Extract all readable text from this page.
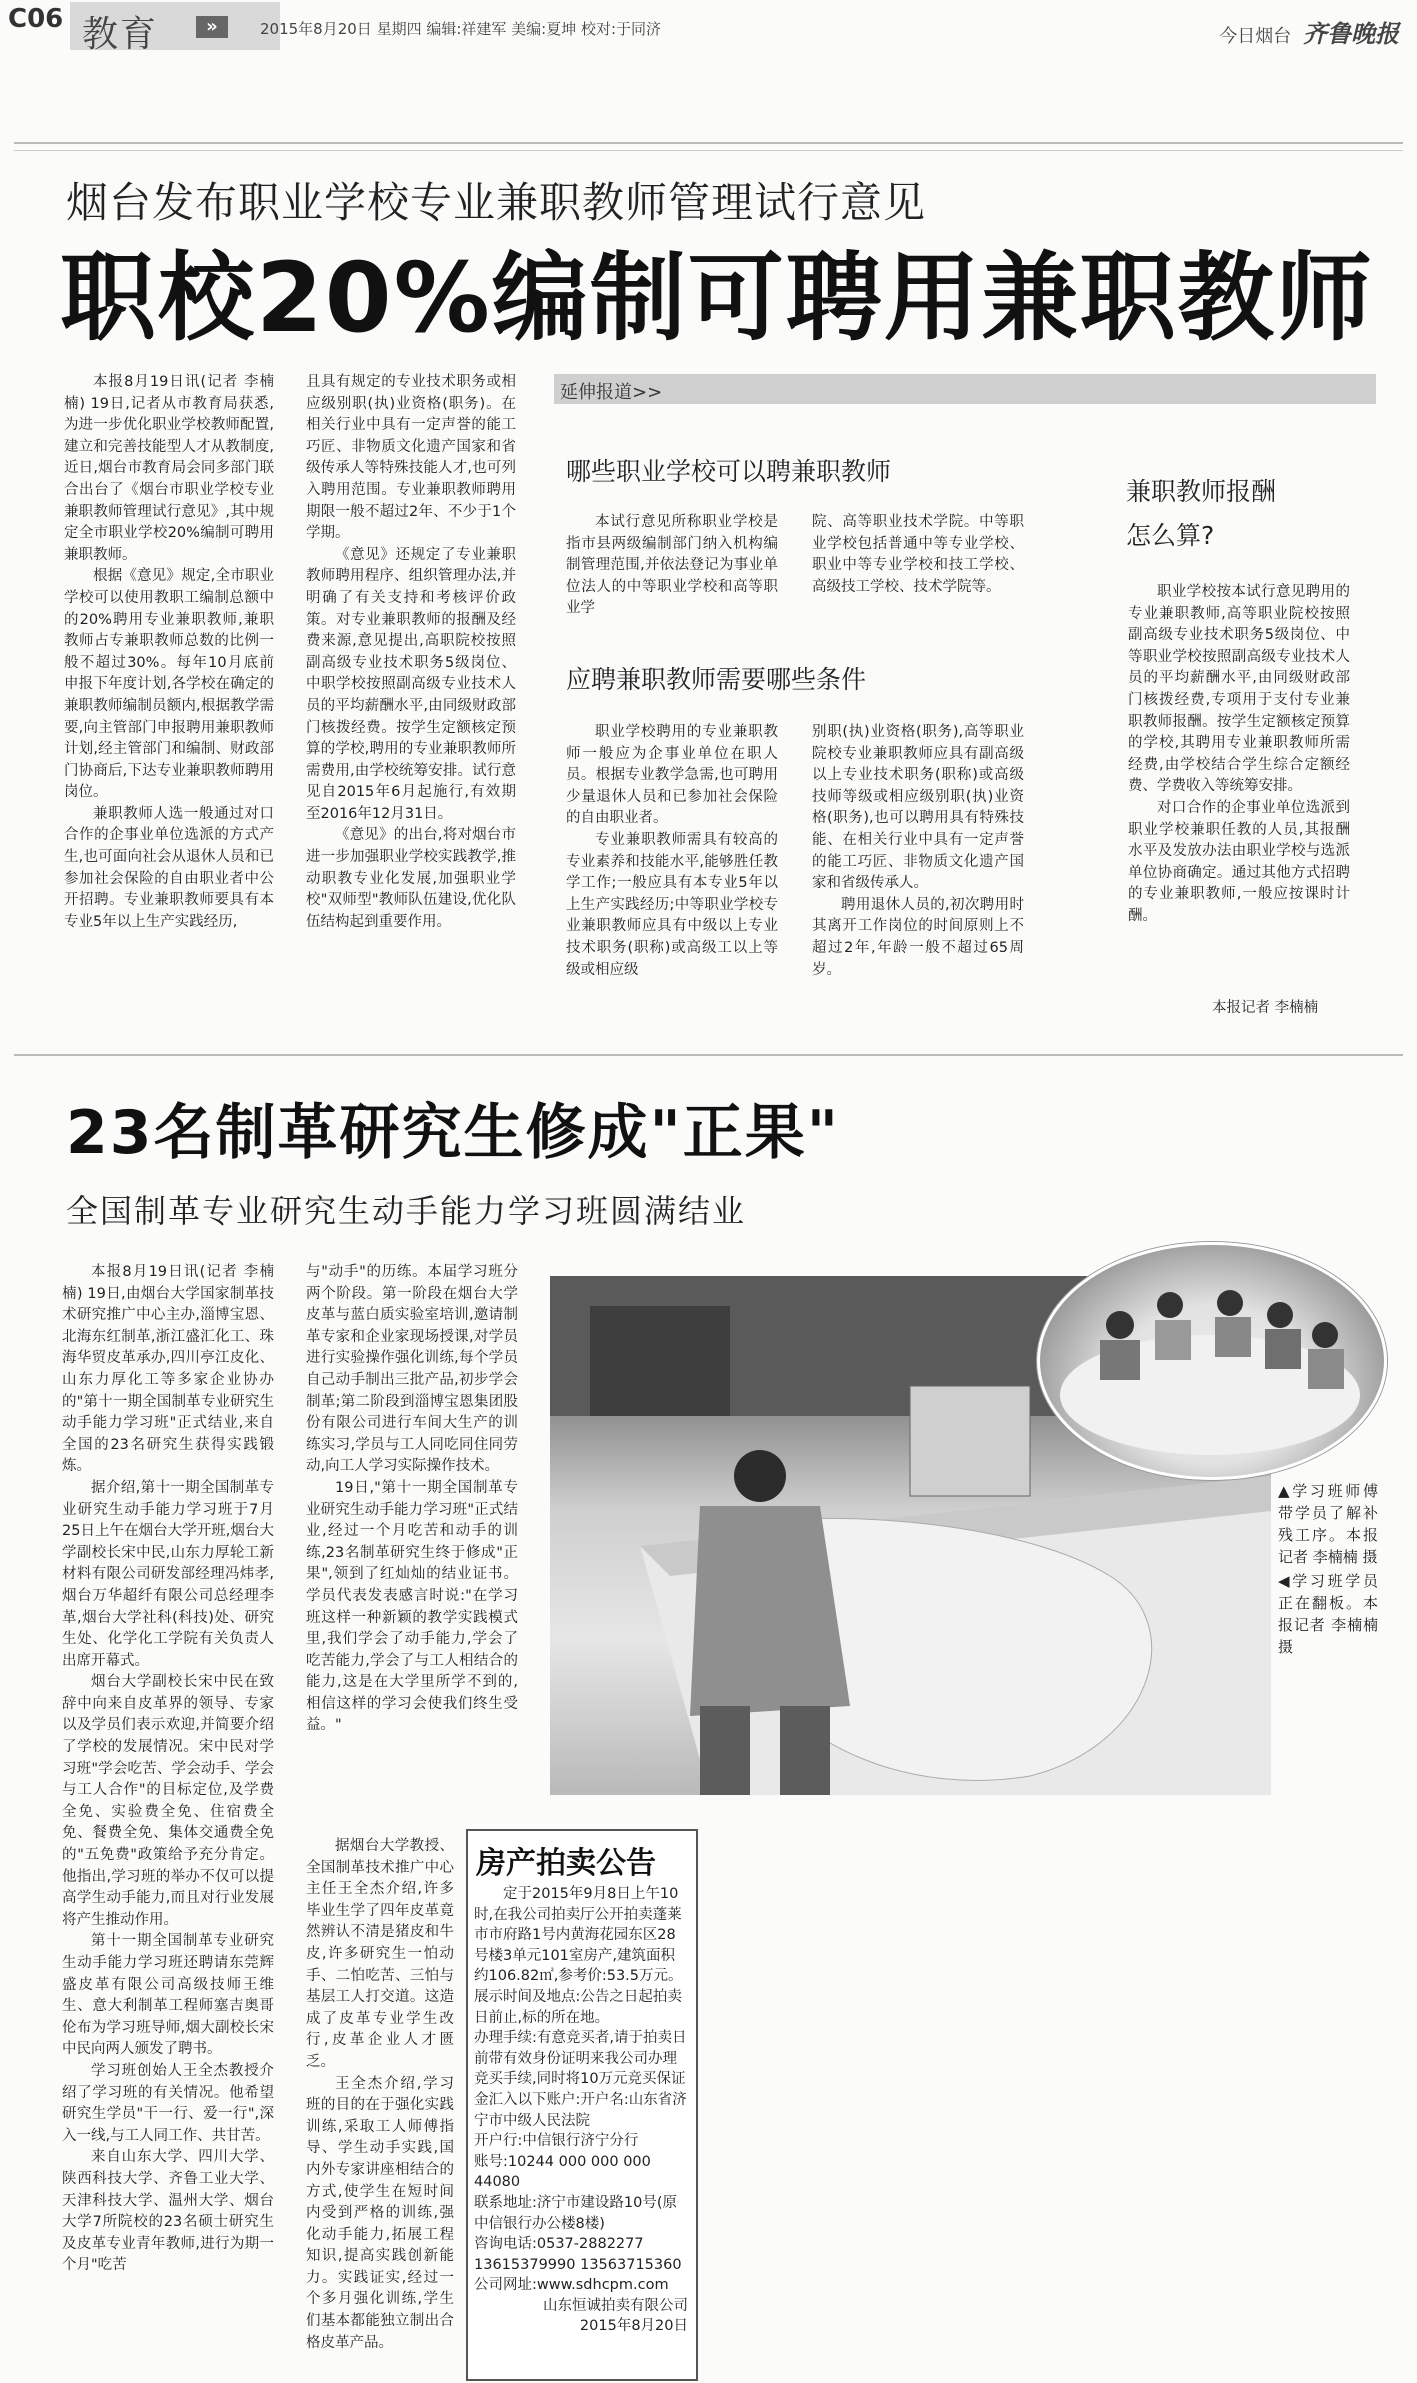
C06 教育	»	2015年8月20日 星期四 编辑:祥建军 美编:夏坤 校对:于同济	今日烟台 齐鲁晚报
烟台发布职业学校专业兼职教师管理试行意见
职校20%编制可聘用兼职教师

本报8月19日讯(记者 李楠楠) 19日,记者从市教育局获悉,为进一步优化职业学校教师配置,建立和完善技能型人才从教制度,近日,烟台市教育局会同多部门联合出台了《烟台市职业学校专业兼职教师管理试行意见》,其中规定全市职业学校20%编制可聘用兼职教师。

根据《意见》规定,全市职业学校可以使用教职工编制总额中的20%聘用专业兼职教师,兼职教师占专兼职教师总数的比例一般不超过30%。每年10月底前申报下年度计划,各学校在确定的兼职教师编制员额内,根据教学需要,向主管部门申报聘用兼职教师计划,经主管部门和编制、财政部门协商后,下达专业兼职教师聘用岗位。

兼职教师人选一般通过对口合作的企事业单位选派的方式产生,也可面向社会从退休人员和已参加社会保险的自由职业者中公开招聘。专业兼职教师要具有本专业5年以上生产实践经历,

且具有规定的专业技术职务或相应级别职(执)业资格(职务)。在相关行业中具有一定声誉的能工巧匠、非物质文化遗产国家和省级传承人等特殊技能人才,也可列入聘用范围。专业兼职教师聘用期限一般不超过2年、不少于1个学期。

《意见》还规定了专业兼职教师聘用程序、组织管理办法,并明确了有关支持和考核评价政策。对专业兼职教师的报酬及经费来源,意见提出,高职院校按照副高级专业技术职务5级岗位、中职学校按照副高级专业技术人员的平均薪酬水平,由同级财政部门核拨经费。按学生定额核定预算的学校,聘用的专业兼职教师所需费用,由学校统筹安排。试行意见自2015年6月起施行,有效期至2016年12月31日。

《意见》的出台,将对烟台市进一步加强职业学校实践教学,推动职教专业化发展,加强职业学校"双师型"教师队伍建设,优化队伍结构起到重要作用。

延伸报道>>
哪些职业学校可以聘兼职教师

本试行意见所称职业学校是指市县两级编制部门纳入机构编制管理范围,并依法登记为事业单位法人的中等职业学校和高等职业学

院、高等职业技术学院。中等职业学校包括普通中等专业学校、职业中等专业学校和技工学校、高级技工学校、技术学院等。

应聘兼职教师需要哪些条件

职业学校聘用的专业兼职教师一般应为企事业单位在职人员。根据专业教学急需,也可聘用少量退休人员和已参加社会保险的自由职业者。

专业兼职教师需具有较高的专业素养和技能水平,能够胜任教学工作;一般应具有本专业5年以上生产实践经历;中等职业学校专业兼职教师应具有中级以上专业技术职务(职称)或高级工以上等级或相应级

别职(执)业资格(职务),高等职业院校专业兼职教师应具有副高级以上专业技术职务(职称)或高级技师等级或相应级别职(执)业资格(职务),也可以聘用具有特殊技能、在相关行业中具有一定声誉的能工巧匠、非物质文化遗产国家和省级传承人。

聘用退休人员的,初次聘用时其离开工作岗位的时间原则上不超过2年,年龄一般不超过65周岁。

兼职教师报酬
怎么算?

职业学校按本试行意见聘用的专业兼职教师,高等职业院校按照副高级专业技术职务5级岗位、中等职业学校按照副高级专业技术人员的平均薪酬水平,由同级财政部门核拨经费,专项用于支付专业兼职教师报酬。按学生定额核定预算的学校,其聘用专业兼职教师所需经费,由学校结合学生综合定额经费、学费收入等统筹安排。

对口合作的企事业单位选派到职业学校兼职任教的人员,其报酬水平及发放办法由职业学校与选派单位协商确定。通过其他方式招聘的专业兼职教师,一般应按课时计酬。

本报记者 李楠楠
23名制革研究生修成"正果"
全国制革专业研究生动手能力学习班圆满结业

本报8月19日讯(记者 李楠楠) 19日,由烟台大学国家制革技术研究推广中心主办,淄博宝恩、北海东红制革,浙江盛汇化工、珠海华贸皮革承办,四川亭江皮化、山东力厚化工等多家企业协办的"第十一期全国制革专业研究生动手能力学习班"正式结业,来自全国的23名研究生获得实践锻炼。

据介绍,第十一期全国制革专业研究生动手能力学习班于7月25日上午在烟台大学开班,烟台大学副校长宋中民,山东力厚轮工新材料有限公司研发部经理冯炜孝,烟台万华超纤有限公司总经理李革,烟台大学社科(科技)处、研究生处、化学化工学院有关负责人出席开幕式。

烟台大学副校长宋中民在致辞中向来自皮革界的领导、专家以及学员们表示欢迎,并简要介绍了学校的发展情况。宋中民对学习班"学会吃苦、学会动手、学会与工人合作"的目标定位,及学费全免、实验费全免、住宿费全免、餐费全免、集体交通费全免的"五免费"政策给予充分肯定。他指出,学习班的举办不仅可以提高学生动手能力,而且对行业发展将产生推动作用。

第十一期全国制革专业研究生动手能力学习班还聘请东莞辉盛皮革有限公司高级技师王维生、意大利制革工程师塞吉奥哥伦布为学习班导师,烟大副校长宋中民向两人颁发了聘书。

学习班创始人王全杰教授介绍了学习班的有关情况。他希望研究生学员"干一行、爱一行",深入一线,与工人同工作、共甘苦。

来自山东大学、四川大学、陕西科技大学、齐鲁工业大学、天津科技大学、温州大学、烟台大学7所院校的23名硕士研究生及皮革专业青年教师,进行为期一个月"吃苦

与"动手"的历练。本届学习班分两个阶段。第一阶段在烟台大学皮革与蓝白质实验室培训,邀请制革专家和企业家现场授课,对学员进行实验操作强化训练,每个学员自己动手制出三批产品,初步学会制革;第二阶段到淄博宝恩集团股份有限公司进行车间大生产的训练实习,学员与工人同吃同住同劳动,向工人学习实际操作技术。

19日,"第十一期全国制革专业研究生动手能力学习班"正式结业,经过一个月吃苦和动手的训练,23名制革研究生终于修成"正果",领到了红灿灿的结业证书。学员代表发表感言时说:"在学习班这样一种新颖的教学实践模式里,我们学会了动手能力,学会了吃苦能力,学会了与工人相结合的能力,这是在大学里所学不到的,相信这样的学习会使我们终生受益。"

据烟台大学教授、全国制革技术推广中心主任王全杰介绍,许多毕业生学了四年皮革竟然辨认不清是猪皮和牛皮,许多研究生一怕动手、二怕吃苦、三怕与基层工人打交道。这造成了皮革专业学生改行,皮革企业人才匮乏。

王全杰介绍,学习班的目的在于强化实践训练,采取工人师傅指导、学生动手实践,国内外专家讲座相结合的方式,使学生在短时间内受到严格的训练,强化动手能力,拓展工程知识,提高实践创新能力。实践证实,经过一个多月强化训练,学生们基本都能独立制出合格皮革产品。

▲学习班师傅带学员了解补残工序。本报记者 李楠楠 摄
◀学习班学员正在翻板。本报记者 李楠楠 摄
房产拍卖公告

定于2015年9月8日上午10时,在我公司拍卖厅公开拍卖蓬莱市市府路1号内黄海花园东区28号楼3单元101室房产,建筑面积约106.82㎡,参考价:53.5万元。

展示时间及地点:公告之日起拍卖日前止,标的所在地。

办理手续:有意竞买者,请于拍卖日前带有效身份证明来我公司办理竞买手续,同时将10万元竞买保证金汇入以下账户:开户名:山东省济宁市中级人民法院

开户行:中信银行济宁分行

账号:10244 000 000 000 44080

联系地址:济宁市建设路10号(原中信银行办公楼8楼)

咨询电话:0537-2882277

13615379990 13563715360

公司网址:www.sdhcpm.com

山东恒诚拍卖有限公司

2015年8月20日
